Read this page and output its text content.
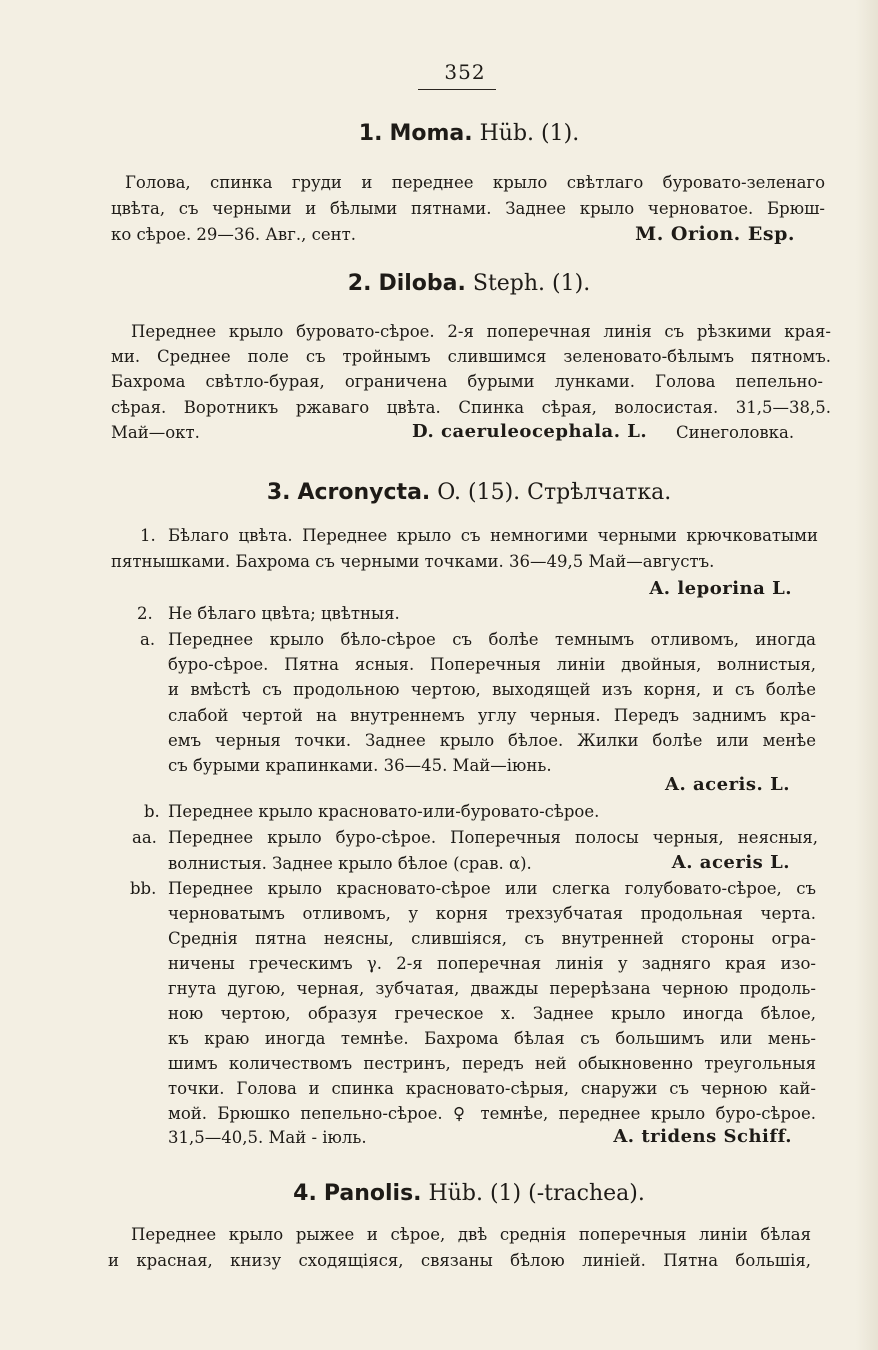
352
1. Moma. Hüb. (1).
Голова, спинка груди и переднее крыло свѣтлаго буровато-зеленаго
цвѣта, съ черными и бѣлыми пятнами. Заднее крыло черноватое. Брюш-
ко сѣрое. 29—36. Авг., сент.	M. Orion. Esp.
2. Diloba. Steph. (1).
Переднее крыло буровато-сѣрое. 2-я поперечная линія съ рѣзкими края-
ми. Среднее поле съ тройнымъ слившимся зеленовато-бѣлымъ пятномъ.
Бахрома свѣтло-бурая, ограничена бурыми лунками. Голова пепельно-
сѣрая. Воротникъ ржаваго цвѣта. Спинка сѣрая, волосистая. 31,5—38,5.
Май—окт.	D. caeruleocephala. L. Синеголовка.
3. Acronycta. O. (15). Стрѣлчатка.
1. Бѣлаго цвѣта. Переднее крыло съ немногими черными крючковатыми
пятнышками. Бахрома съ черными точками. 36—49,5 Май—августъ.
A. leporina L.
2. Не бѣлаго цвѣта; цвѣтныя.
a. Переднее крыло бѣло-сѣрое съ болѣе темнымъ отливомъ, иногда
буро-сѣрое. Пятна ясныя. Поперечныя линіи двойныя, волнистыя,
и вмѣстѣ съ продольною чертою, выходящей изъ корня, и съ болѣе
слабой чертой на внутреннемъ углу черныя. Передъ заднимъ кра-
емъ черныя точки. Заднее крыло бѣлое. Жилки болѣе или менѣе
съ бурыми крапинками. 36—45. Май—іюнь.
A. aceris. L.
b. Переднее крыло красновато-или-буровато-сѣрое.
aa. Переднее крыло буро-сѣрое. Поперечныя полосы черныя, неясныя,
волнистыя. Заднее крыло бѣлое (срав. α).	A. aceris L.
bb. Переднее крыло красновато-сѣрое или слегка голубовато-сѣрое, съ
черноватымъ отливомъ, у корня трехзубчатая продольная черта.
Среднія пятна неясны, слившіяся, съ внутренней стороны огра-
ничены греческимъ γ. 2-я поперечная линія у задняго края изо-
гнута дугою, черная, зубчатая, дважды перерѣзана черною продоль-
ною чертою, образуя греческое x. Заднее крыло иногда бѣлое,
къ краю иногда темнѣе. Бахрома бѣлая съ большимъ или мень-
шимъ количествомъ пестринъ, передъ ней обыкновенно треугольныя
точки. Голова и спинка красновато-сѣрыя, снаружи съ черною кай-
мой. Брюшко пепельно-сѣрое. ♀ темнѣе, переднее крыло буро-сѣрое.
31,5—40,5. Май - іюль.	A. tridens Schiff.
4. Panolis. Hüb. (1) (-trachea).
Переднее крыло рыжее и сѣрое, двѣ среднія поперечныя линіи бѣлая
и красная, книзу сходящіяся, связаны бѣлою линіей. Пятна большія,
